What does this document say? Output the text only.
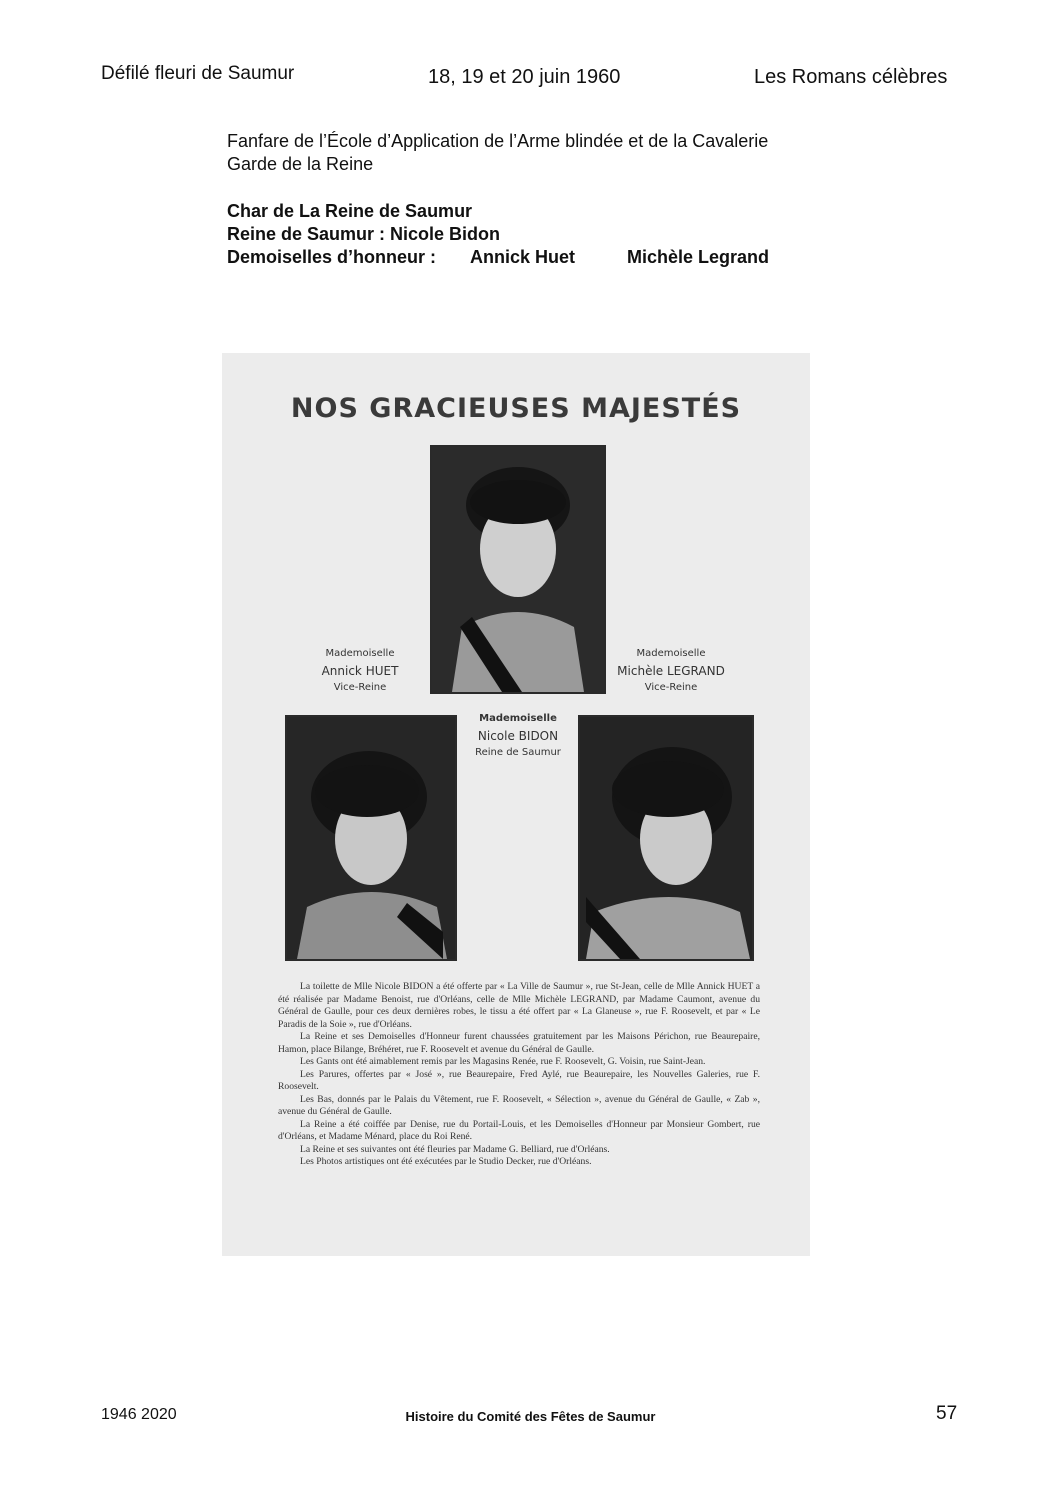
Défilé fleuri de Saumur	18, 19 et 20 juin 1960	Les Romans célèbres
Fanfare de l’École d’Application de l’Arme blindée et de la Cavalerie
Garde de la Reine
Char de La Reine de Saumur
Reine de Saumur : Nicole Bidon
Demoiselles d’honneur : Annick Huet	Michèle Legrand
NOS GRACIEUSES MAJESTÉS
Mademoiselle
Annick HUET
Vice-Reine
Mademoiselle
Michèle LEGRAND
Vice-Reine
Mademoiselle
Nicole BIDON
Reine de Saumur

La toilette de Mlle Nicole BIDON a été offerte par « La Ville de Saumur », rue St-Jean, celle de Mlle Annick HUET a été réalisée par Madame Benoist, rue d'Orléans, celle de Mlle Michèle LEGRAND, par Madame Caumont, avenue du Général de Gaulle, pour ces deux dernières robes, le tissu a été offert par « La Glaneuse », rue F. Roosevelt, et par « Le Paradis de la Soie », rue d'Orléans.

La Reine et ses Demoiselles d'Honneur furent chaussées gratuitement par les Maisons Périchon, rue Beaurepaire, Hamon, place Bilange, Bréhéret, rue F. Roosevelt et avenue du Général de Gaulle.

Les Gants ont été aimablement remis par les Magasins Renée, rue F. Roosevelt, G. Voisin, rue Saint-Jean.

Les Parures, offertes par « José », rue Beaurepaire, Fred Aylé, rue Beaurepaire, les Nouvelles Galeries, rue F. Roosevelt.

Les Bas, donnés par le Palais du Vêtement, rue F. Roosevelt, « Sélection », avenue du Général de Gaulle, « Zab », avenue du Général de Gaulle.

La Reine a été coiffée par Denise, rue du Portail-Louis, et les Demoiselles d'Honneur par Monsieur Gombert, rue d'Orléans, et Madame Ménard, place du Roi René.

La Reine et ses suivantes ont été fleuries par Madame G. Belliard, rue d'Orléans.

Les Photos artistiques ont été exécutées par le Studio Decker, rue d'Orléans.

1946 2020	Histoire du Comité des Fêtes de Saumur	57
